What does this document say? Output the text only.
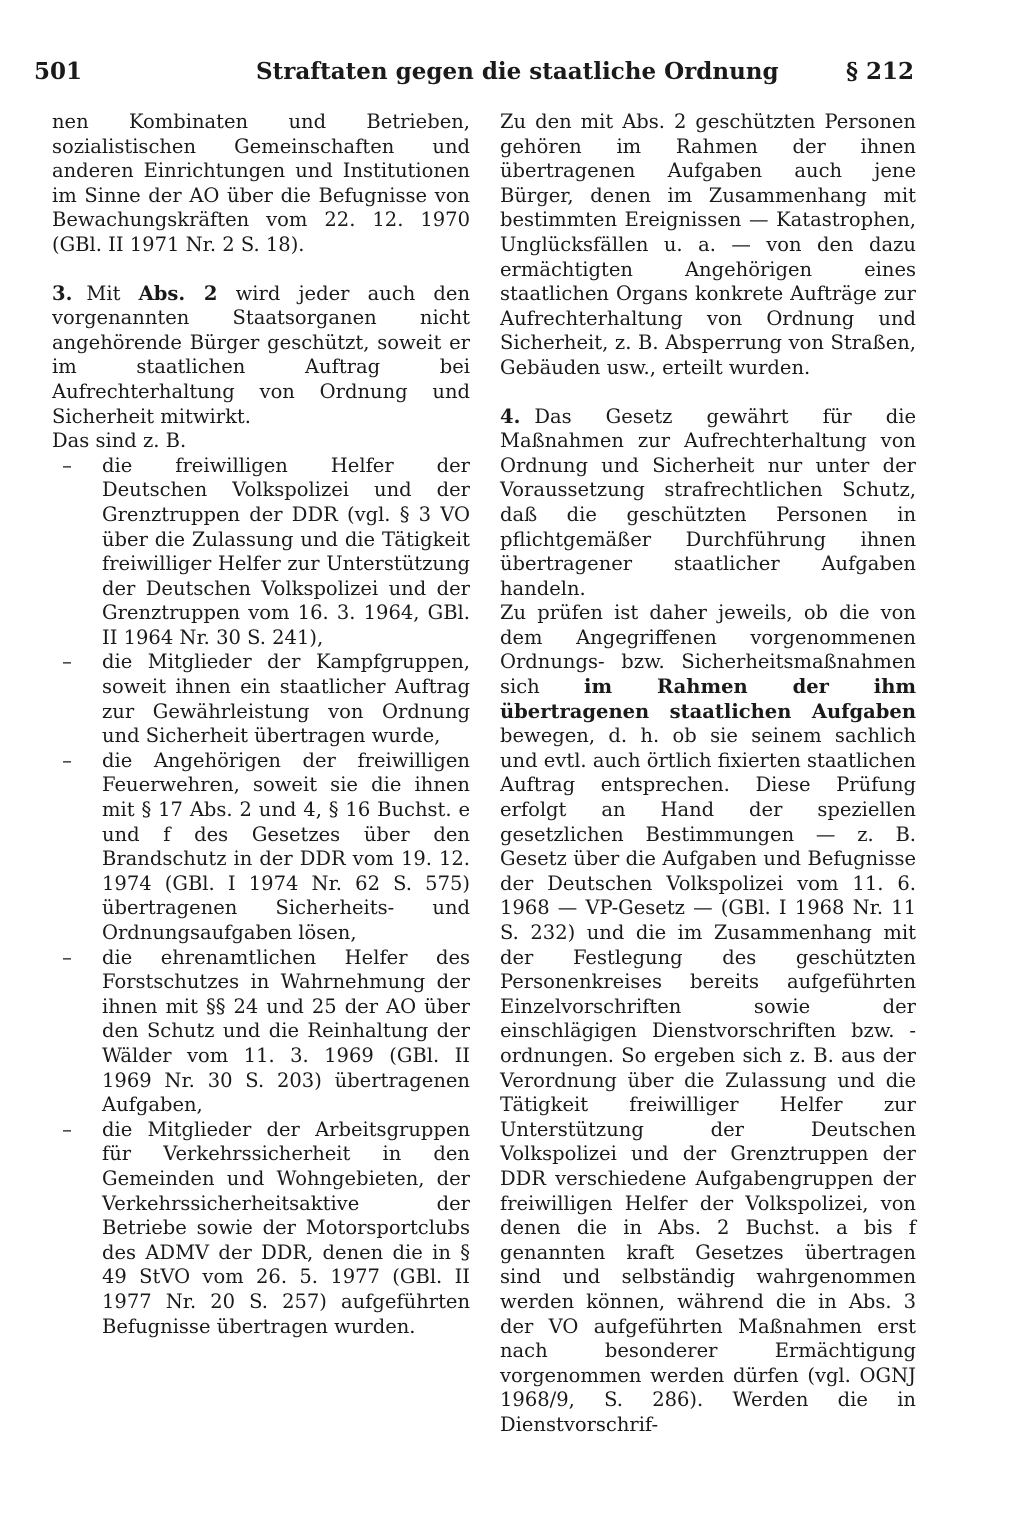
501	Straftaten gegen die staatliche Ordnung	§ 212

nen Kombinaten und Betrieben, sozialistischen Gemeinschaften und anderen Einrichtungen und Institutionen im Sinne der AO über die Befugnisse von Bewachungskräften vom 22. 12. 1970 (GBl. II 1971 Nr. 2 S. 18).

3. Mit Abs. 2 wird jeder auch den vorgenannten Staatsorganen nicht angehörende Bürger geschützt, soweit er im staatlichen Auftrag bei Aufrechterhaltung von Ordnung und Sicherheit mitwirkt.

Das sind z. B.

–	die freiwilligen Helfer der Deutschen Volkspolizei und der Grenztruppen der DDR (vgl. § 3 VO über die Zulassung und die Tätigkeit freiwilliger Helfer zur Unterstützung der Deutschen Volkspolizei und der Grenztruppen vom 16. 3. 1964, GBl. II 1964 Nr. 30 S. 241),
–	die Mitglieder der Kampfgruppen, soweit ihnen ein staatlicher Auftrag zur Gewährleistung von Ordnung und Sicherheit übertragen wurde,
–	die Angehörigen der freiwilligen Feuerwehren, soweit sie die ihnen mit § 17 Abs. 2 und 4, § 16 Buchst. e und f des Gesetzes über den Brandschutz in der DDR vom 19. 12. 1974 (GBl. I 1974 Nr. 62 S. 575) übertragenen Sicherheits- und Ordnungsaufgaben lösen,
–	die ehrenamtlichen Helfer des Forstschutzes in Wahrnehmung der ihnen mit §§ 24 und 25 der AO über den Schutz und die Reinhaltung der Wälder vom 11. 3. 1969 (GBl. II 1969 Nr. 30 S. 203) übertragenen Aufgaben,
–	die Mitglieder der Arbeitsgruppen für Verkehrssicherheit in den Gemeinden und Wohngebieten, der Verkehrssicherheitsaktive der Betriebe sowie der Motorsportclubs des ADMV der DDR, denen die in § 49 StVO vom 26. 5. 1977 (GBl. II 1977 Nr. 20 S. 257) aufgeführten Befugnisse übertragen wurden.

Zu den mit Abs. 2 geschützten Personen gehören im Rahmen der ihnen übertragenen Aufgaben auch jene Bürger, denen im Zusammenhang mit bestimmten Ereignissen — Katastrophen, Unglücksfällen u. a. — von den dazu ermächtigten Angehörigen eines staatlichen Organs konkrete Aufträge zur Aufrechterhaltung von Ordnung und Sicherheit, z. B. Absperrung von Straßen, Gebäuden usw., erteilt wurden.

4. Das Gesetz gewährt für die Maßnahmen zur Aufrechterhaltung von Ordnung und Sicherheit nur unter der Voraussetzung strafrechtlichen Schutz, daß die geschützten Personen in pflichtgemäßer Durchführung ihnen übertragener staatlicher Aufgaben handeln.

Zu prüfen ist daher jeweils, ob die von dem Angegriffenen vorgenommenen Ordnungs- bzw. Sicherheitsmaßnahmen sich im Rahmen der ihm übertragenen staatlichen Aufgaben bewegen, d. h. ob sie seinem sachlich und evtl. auch örtlich fixierten staatlichen Auftrag entsprechen. Diese Prüfung erfolgt an Hand der speziellen gesetzlichen Bestimmungen — z. B. Gesetz über die Aufgaben und Befugnisse der Deutschen Volkspolizei vom 11. 6. 1968 — VP-Gesetz — (GBl. I 1968 Nr. 11 S. 232) und die im Zusammenhang mit der Festlegung des geschützten Personenkreises bereits aufgeführten Einzelvorschriften sowie der einschlägigen Dienstvorschriften bzw. -ordnungen. So ergeben sich z. B. aus der Verordnung über die Zulassung und die Tätigkeit freiwilliger Helfer zur Unterstützung der Deutschen Volkspolizei und der Grenztruppen der DDR verschiedene Aufgabengruppen der freiwilligen Helfer der Volkspolizei, von denen die in Abs. 2 Buchst. a bis f genannten kraft Gesetzes übertragen sind und selbständig wahrgenommen werden können, während die in Abs. 3 der VO aufgeführten Maßnahmen erst nach besonderer Ermächtigung vorgenommen werden dürfen (vgl. OGNJ 1968/9, S. 286). Werden die in Dienstvorschrif-
